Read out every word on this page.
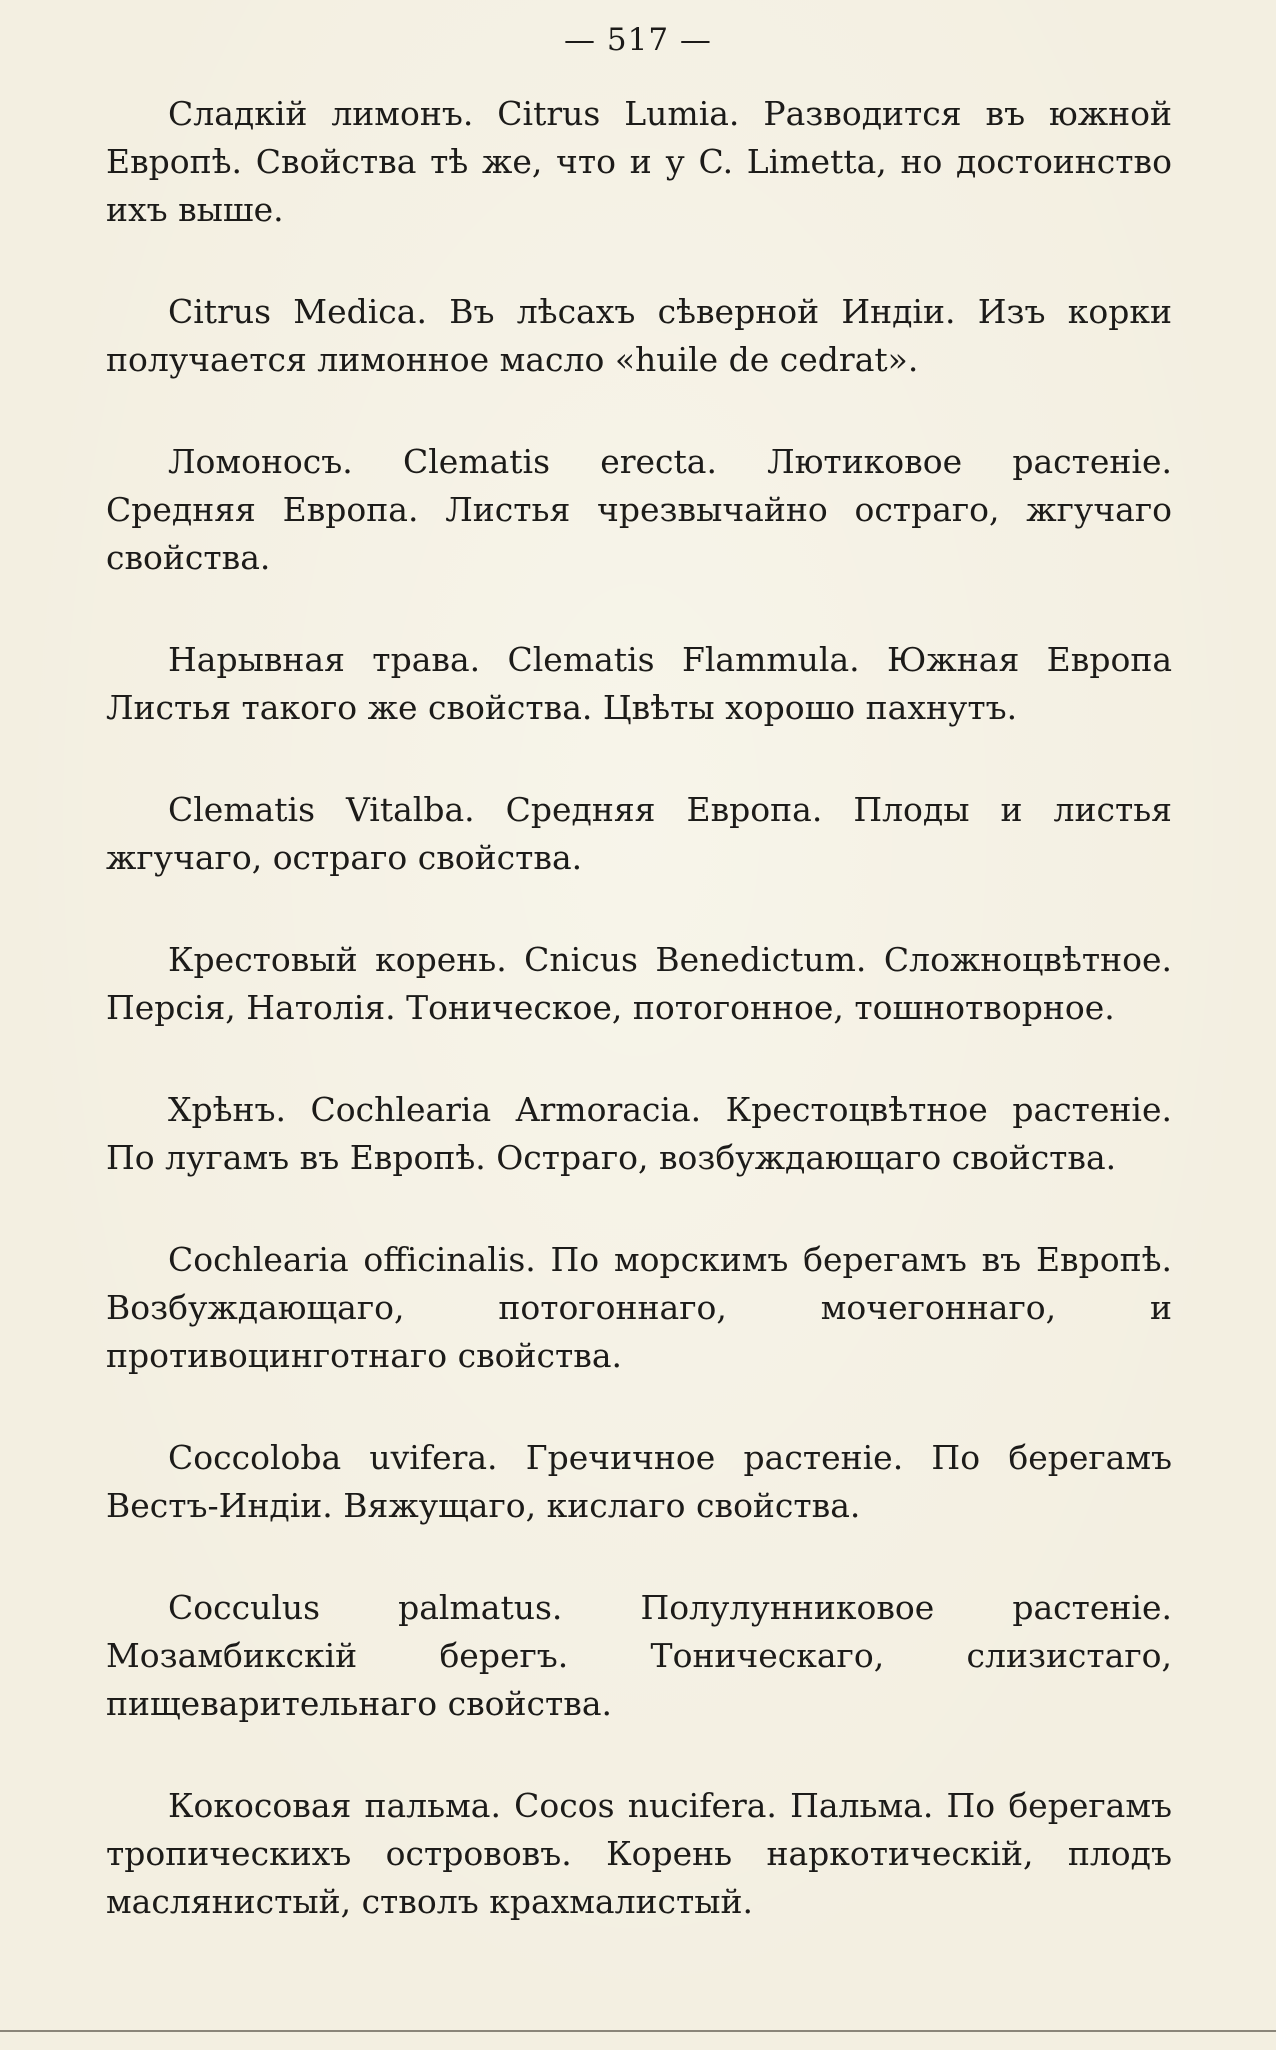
— 517 —

Сладкій лимонъ. Citrus Lumia. Разводится въ южной Европѣ. Свойства тѣ же, что и у C. Limetta, но достоинство ихъ выше.

Citrus Medica. Въ лѣсахъ сѣверной Индіи. Изъ корки получается лимонное масло «huile de cedrat».

Ломоносъ. Clematis erecta. Лютиковое растеніе. Средняя Европа. Листья чрезвычайно остраго, жгучаго свойства.

Нарывная трава. Clematis Flammula. Южная Европа Листья такого же свойства. Цвѣты хорошо пахнутъ.

Clematis Vitalba. Средняя Европа. Плоды и листья жгучаго, остраго свойства.

Крестовый корень. Cnicus Benedictum. Сложноцвѣтное. Персія, Натолія. Тоническое, потогонное, тошнотворное.

Хрѣнъ. Cochlearia Armoracia. Крестоцвѣтное растеніе. По лугамъ въ Европѣ. Остраго, возбуждающаго свойства.

Cochlearia officinalis. По морскимъ берегамъ въ Европѣ. Возбуждающаго, потогоннаго, мочегоннаго, и противоцинготнаго свойства.

Coccoloba uvifera. Гречичное растеніе. По берегамъ Вестъ-Индіи. Вяжущаго, кислаго свойства.

Cocculus palmatus. Полулунниковое растеніе. Мозамбикскій берегъ. Тоническаго, слизистаго, пищеварительнаго свойства.

Кокосовая пальма. Cocos nucifera. Пальма. По берегамъ тропическихъ острововъ. Корень наркотическій, плодъ маслянистый, стволъ крахмалистый.
